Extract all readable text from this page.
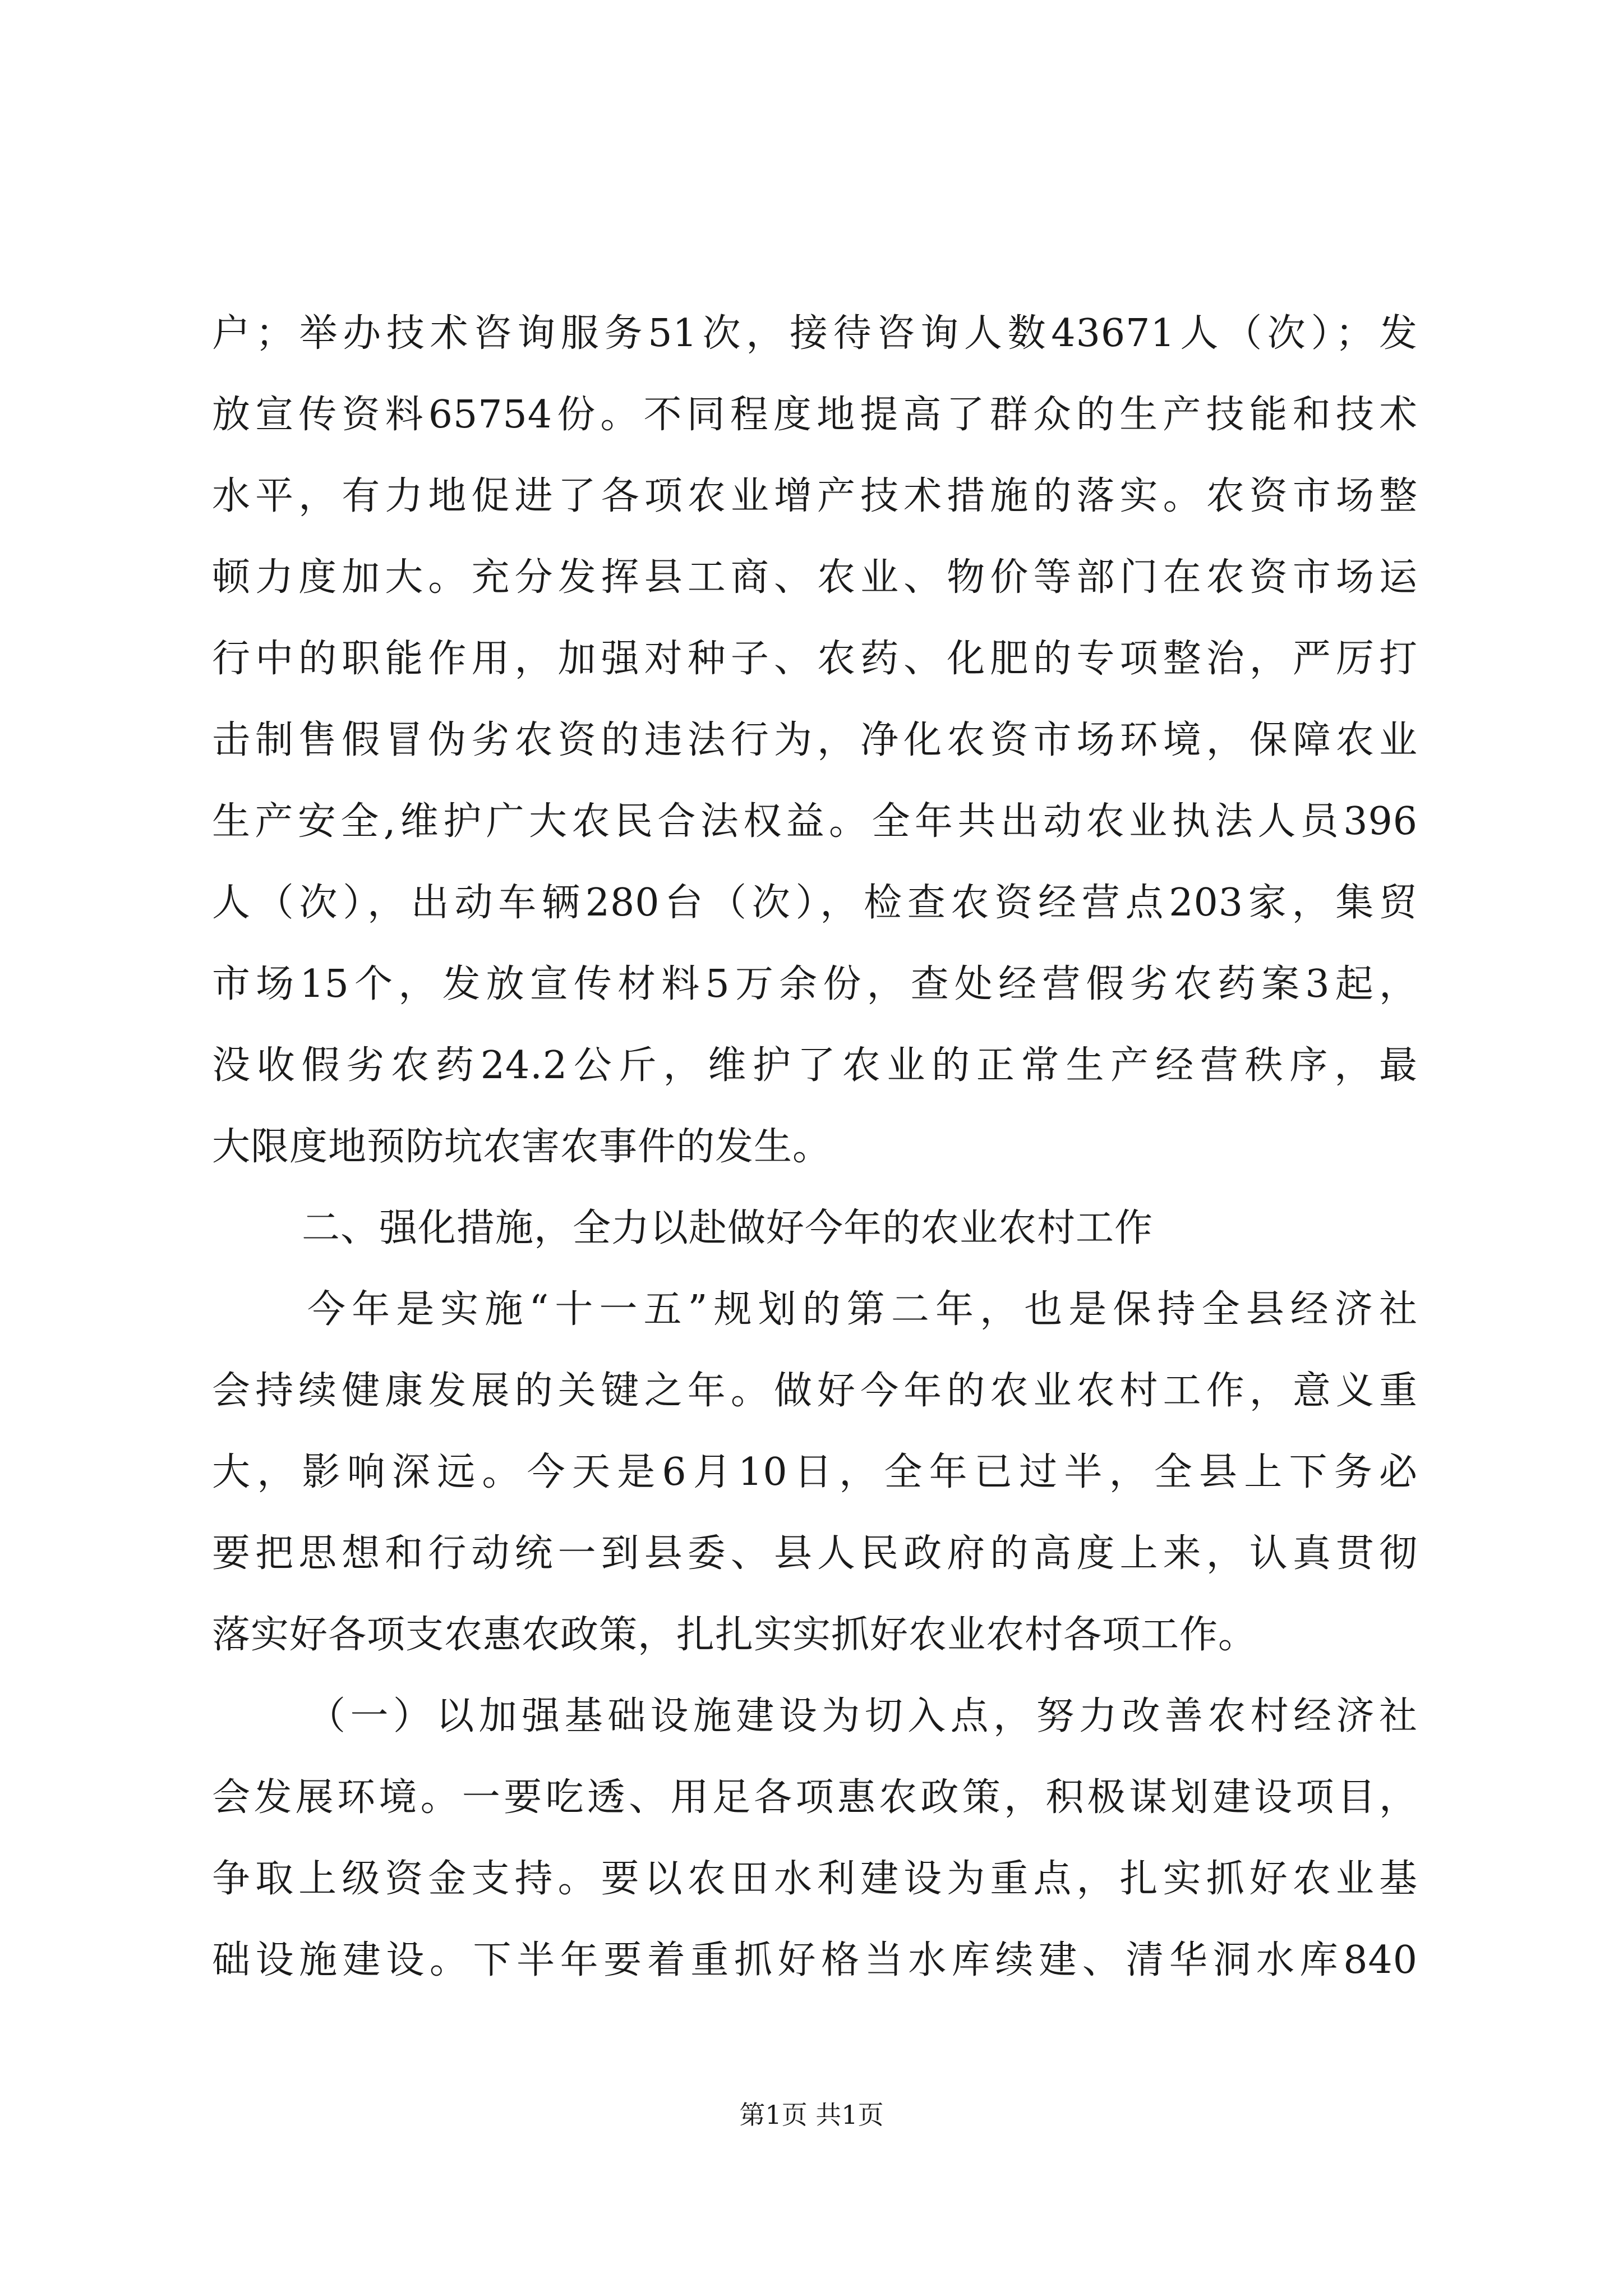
户；举办技术咨询服务51次，接待咨询人数43671人（次）；发
放宣传资料65754份。不同程度地提高了群众的生产技能和技术
水平，有力地促进了各项农业增产技术措施的落实。农资市场整
顿力度加大。充分发挥县工商、农业、物价等部门在农资市场运
行中的职能作用，加强对种子、农药、化肥的专项整治，严厉打
击制售假冒伪劣农资的违法行为，净化农资市场环境，保障农业
生产安全,维护广大农民合法权益。全年共出动农业执法人员396
人（次），出动车辆280台（次），检查农资经营点203家，集贸
市场15个，发放宣传材料5万余份，查处经营假劣农药案3起，
没收假劣农药24.2公斤，维护了农业的正常生产经营秩序，最
大限度地预防坑农害农事件的发生。
二、强化措施，全力以赴做好今年的农业农村工作
今年是实施“十一五”规划的第二年，也是保持全县经济社
会持续健康发展的关键之年。做好今年的农业农村工作，意义重
大，影响深远。今天是6月10日，全年已过半，全县上下务必
要把思想和行动统一到县委、县人民政府的高度上来，认真贯彻
落实好各项支农惠农政策，扎扎实实抓好农业农村各项工作。
（一）以加强基础设施建设为切入点，努力改善农村经济社
会发展环境。一要吃透、用足各项惠农政策，积极谋划建设项目，
争取上级资金支持。要以农田水利建设为重点，扎实抓好农业基
础设施建设。下半年要着重抓好格当水库续建、清华洞水库840
第1页 共1页
